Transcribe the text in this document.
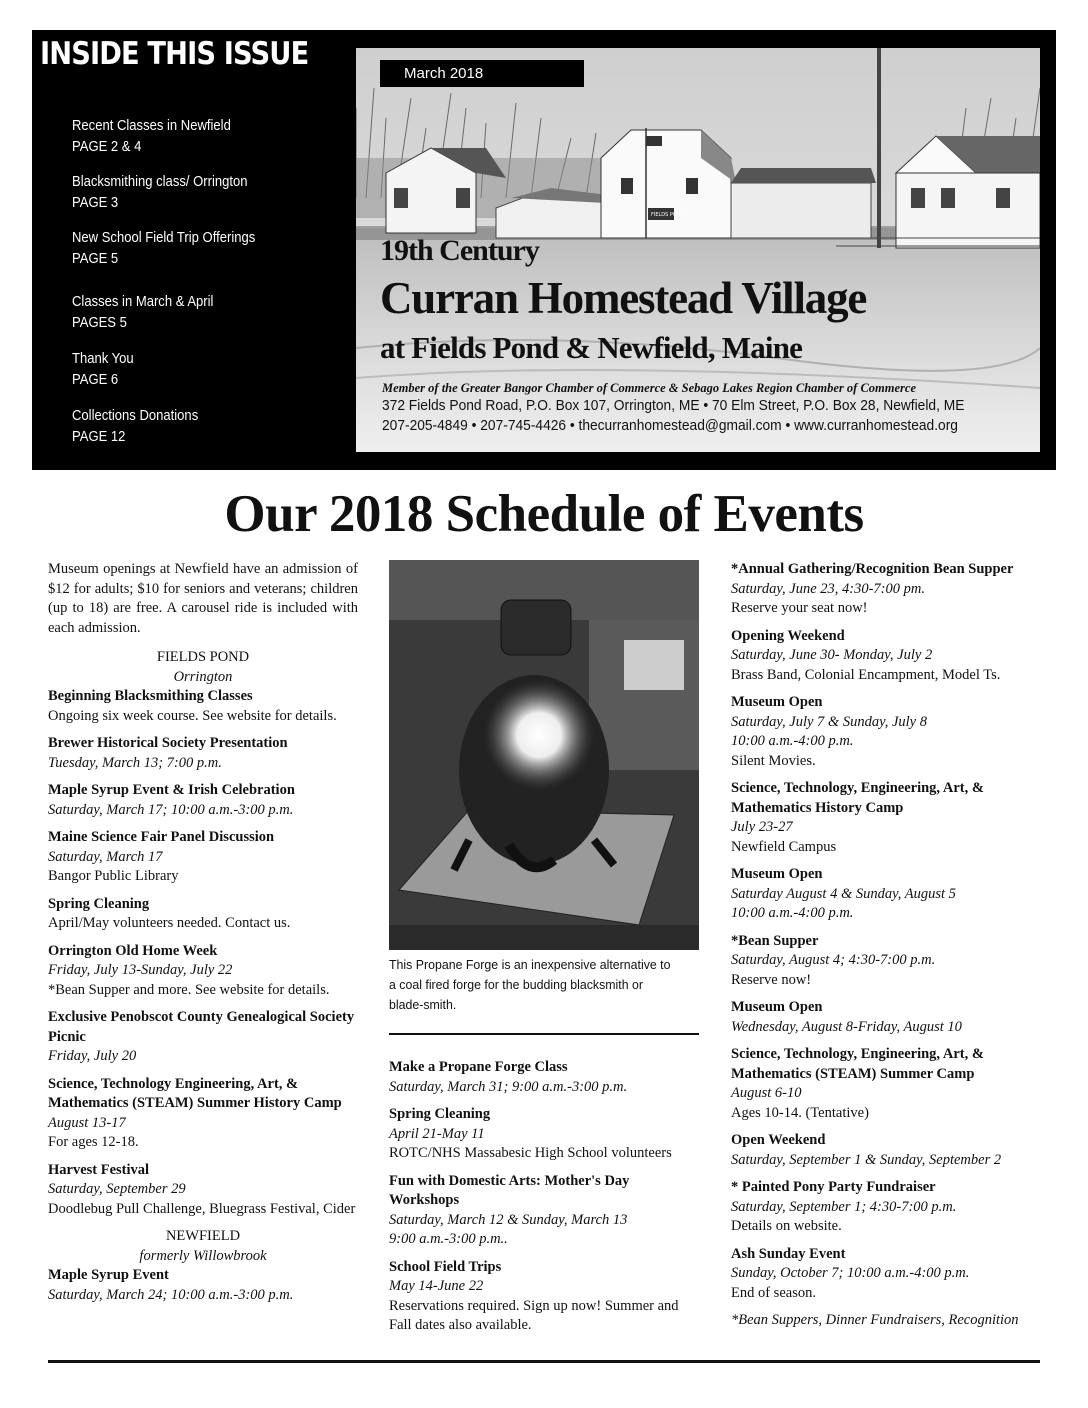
INSIDE THIS ISSUE
Recent Classes in Newfield
PAGE 2 & 4
Blacksmithing class/ Orrington
PAGE 3
New School Field Trip Offerings
PAGE 5
Classes in March & April
PAGES 5
Thank You
PAGE 6
Collections Donations
PAGE 12
FIELDS POND
March 2018
19th Century
Curran Homestead Village
at Fields Pond & Newfield, Maine
Member of the Greater Bangor Chamber of Commerce & Sebago Lakes Region Chamber of Commerce
372 Fields Pond Road, P.O. Box 107, Orrington, ME • 70 Elm Street, P.O. Box 28, Newfield, ME
207-205-4849 • 207-745-4426 • thecurranhomestead@gmail.com • www.curranhomestead.org
Our 2018 Schedule of Events
Museum openings at Newfield have an admission of $12 for adults; $10 for seniors and veterans; children (up to 18) are free. A carousel ride is included with each admission.
FIELDS POND
Orrington
Beginning Blacksmithing Classes
Ongoing six week course. See website for details.
Brewer Historical Society Presentation
Tuesday, March 13; 7:00 p.m.
Maple Syrup Event & Irish Celebration
Saturday, March 17; 10:00 a.m.-3:00 p.m.
Maine Science Fair Panel Discussion
Saturday, March 17
Bangor Public Library
Spring Cleaning
April/May volunteers needed. Contact us.
Orrington Old Home Week
Friday, July 13-Sunday, July 22
*Bean Supper and more. See website for details.
Exclusive Penobscot County Genealogical Society Picnic
Friday, July 20
Science, Technology Engineering, Art, & Mathematics (STEAM) Summer History Camp
August 13-17
For ages 12-18.
Harvest Festival
Saturday, September 29
Doodlebug Pull Challenge, Bluegrass Festival, Cider
NEWFIELD
formerly Willowbrook
Maple Syrup Event
Saturday, March 24; 10:00 a.m.-3:00 p.m.
This Propane Forge is an inexpensive alternative to a coal fired forge for the budding blacksmith or blade-smith.
Make a Propane Forge Class
Saturday, March 31; 9:00 a.m.-3:00 p.m.
Spring Cleaning
April 21-May 11
ROTC/NHS Massabesic High School volunteers
Fun with Domestic Arts: Mother's Day Workshops
Saturday, March 12 & Sunday, March 13
9:00 a.m.-3:00 p.m..
School Field Trips
May 14-June 22
Reservations required. Sign up now! Summer and Fall dates also available.
*Annual Gathering/Recognition Bean Supper
Saturday, June 23, 4:30-7:00 pm.
Reserve your seat now!
Opening Weekend
Saturday, June 30- Monday, July 2
Brass Band, Colonial Encampment, Model Ts.
Museum Open
Saturday, July 7 & Sunday, July 8
10:00 a.m.-4:00 p.m.
Silent Movies.
Science, Technology, Engineering, Art, & Mathematics History Camp
July 23-27
Newfield Campus
Museum Open
Saturday August 4 & Sunday, August 5
10:00 a.m.-4:00 p.m.
*Bean Supper
Saturday, August 4; 4:30-7:00 p.m.
Reserve now!
Museum Open
Wednesday, August 8-Friday, August 10
Science, Technology, Engineering, Art, & Mathematics (STEAM) Summer Camp
August 6-10
Ages 10-14. (Tentative)
Open Weekend
Saturday, September 1 & Sunday, September 2
* Painted Pony Party Fundraiser
Saturday, September 1; 4:30-7:00 p.m.
Details on website.
Ash Sunday Event
Sunday, October 7; 10:00 a.m.-4:00 p.m.
End of season.
*Bean Suppers, Dinner Fundraisers, Recognition
